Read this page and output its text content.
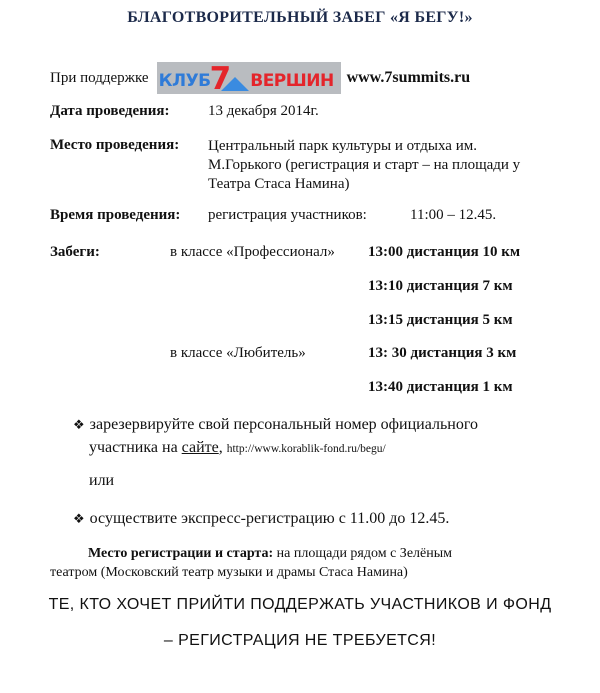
БЛАГОТВОРИТЕЛЬНЫЙ ЗАБЕГ «Я БЕГУ!»
При поддержке КЛУБ 7 ВЕРШИН www.7summits.ru
Дата проведения:	13 декабря 2014г.
Место проведения: Центральный парк культуры и отдыха им.
М.Горького (регистрация и старт – на площади у
Театра Стаса Намина)
Время проведения: регистрация участников:	11:00 – 12.45.
Забеги:	в классе «Профессионал» 13:00 дистанция 10 км
13:10 дистанция 7 км
13:15 дистанция 5 км
в классе «Любитель»	13: 30 дистанция 3 км
13:40 дистанция 1 км
❖ зарезервируйте свой персональный номер официального
участника на сайте, http://www.korablik-fond.ru/begu/
или
❖ осуществите экспресс-регистрацию с 11.00 до 12.45.
Место регистрации и старта: на площади рядом с Зелёным
театром (Московский театр музыки и драмы Стаса Намина)
ТЕ, КТО ХОЧЕТ ПРИЙТИ ПОДДЕРЖАТЬ УЧАСТНИКОВ И ФОНД
– РЕГИСТРАЦИЯ НЕ ТРЕБУЕТСЯ!
